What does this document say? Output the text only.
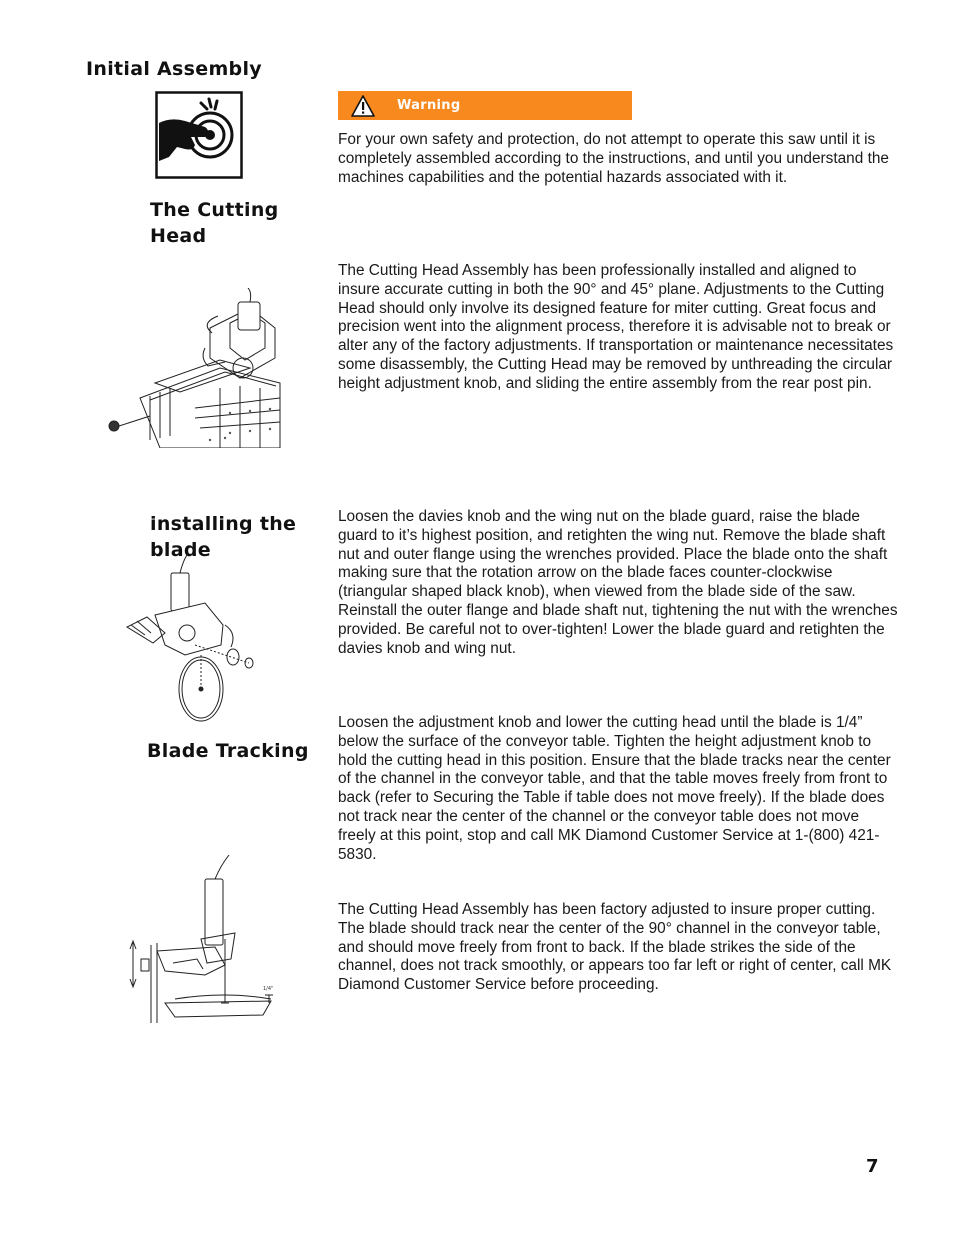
Initial Assembly
Warning

For your own safety and protection, do not attempt to operate this saw until it is completely assembled according to the instructions, and until you understand the machines capabilities and the potential hazards associated with it.

The Cutting
Head

The Cutting Head Assembly has been professionally installed and aligned to insure accurate cutting in both the 90° and 45° plane. Adjustments to the Cutting Head should only involve its designed feature for miter cutting. Great focus and precision went into the alignment process, therefore it is advisable not to break or alter any of the factory adjustments. If transportation or maintenance necessitates some disassembly, the Cutting Head may be removed by unthreading the circular height adjustment knob, and sliding the entire assembly from the rear post pin.

installing the
blade

Loosen the davies knob and the wing nut on the blade guard, raise the blade guard to it’s highest position, and retighten the wing nut. Remove the blade shaft nut and outer flange using the wrenches provided. Place the blade onto the shaft making sure that the rotation arrow on the blade faces counter-clockwise (triangular shaped black knob), when viewed from the blade side of the saw. Reinstall the outer flange and blade shaft nut, tightening the nut with the wrenches provided. Be careful not to over-tighten! Lower the blade guard and retighten the davies knob and wing nut.

Blade Tracking

Loosen the adjustment knob and lower the cutting head until the blade is 1/4” below the surface of the conveyor table. Tighten the height adjustment knob to hold the cutting head in this position. Ensure that the blade tracks near the center of the channel in the conveyor table, and that the table moves freely from front to back (refer to Securing the Table if table does not move freely). If the blade does not track near the center of the channel or the conveyor table does not move freely at this point, stop and call MK Diamond Customer Service at 1-(800) 421-5830.

The Cutting Head Assembly has been factory adjusted to insure proper cutting. The blade should track near the center of the 90° channel in the conveyor table, and should move freely from front to back. If the blade strikes the side of the channel, does not track smoothly, or appears too far left or right of center, call MK Diamond Customer Service before proceeding.

1/4"
7
